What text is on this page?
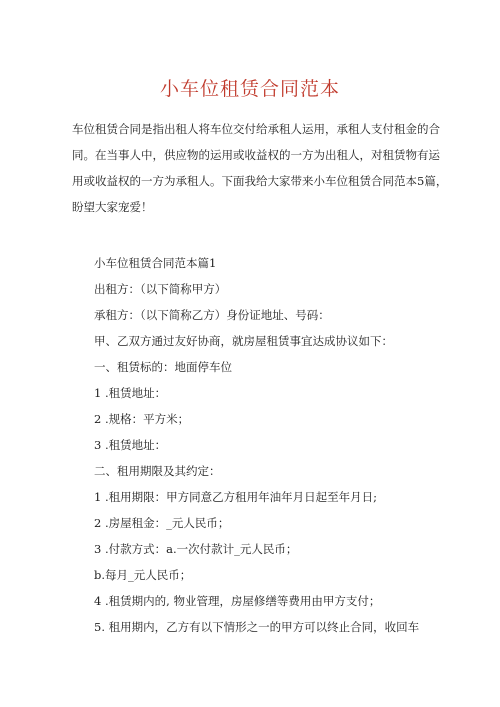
小车位租赁合同范本

车位租赁合同是指出租人将车位交付给承租人运用，承租人支付租金的合
同。在当事人中，供应物的运用或收益权的一方为出租人，对租赁物有运
用或收益权的一方为承租人。下面我给大家带来小车位租赁合同范本5篇，
盼望大家宠爱！

小车位租赁合同范本篇1
出租方：（以下简称甲方）
承租方：（以下简称乙方）身份证地址、号码：
甲、乙双方通过友好协商，就房屋租赁事宜达成协议如下：
一、租赁标的：地面停车位
1 .租赁地址：
2 .规格：平方米；
3 .租赁地址：
二、租用期限及其约定：
1 .租用期限：甲方同意乙方租用年油年月日起至年月日;
2 .房屋租金：_元人民币；
3 .付款方式：a.一次付款计_元人民币；
b.每月_元人民币；
4 .租赁期内的, 物业管理，房屋修缮等费用由甲方支付；
5. 租用期内，乙方有以下情形之一的甲方可以终止合同，收回车
